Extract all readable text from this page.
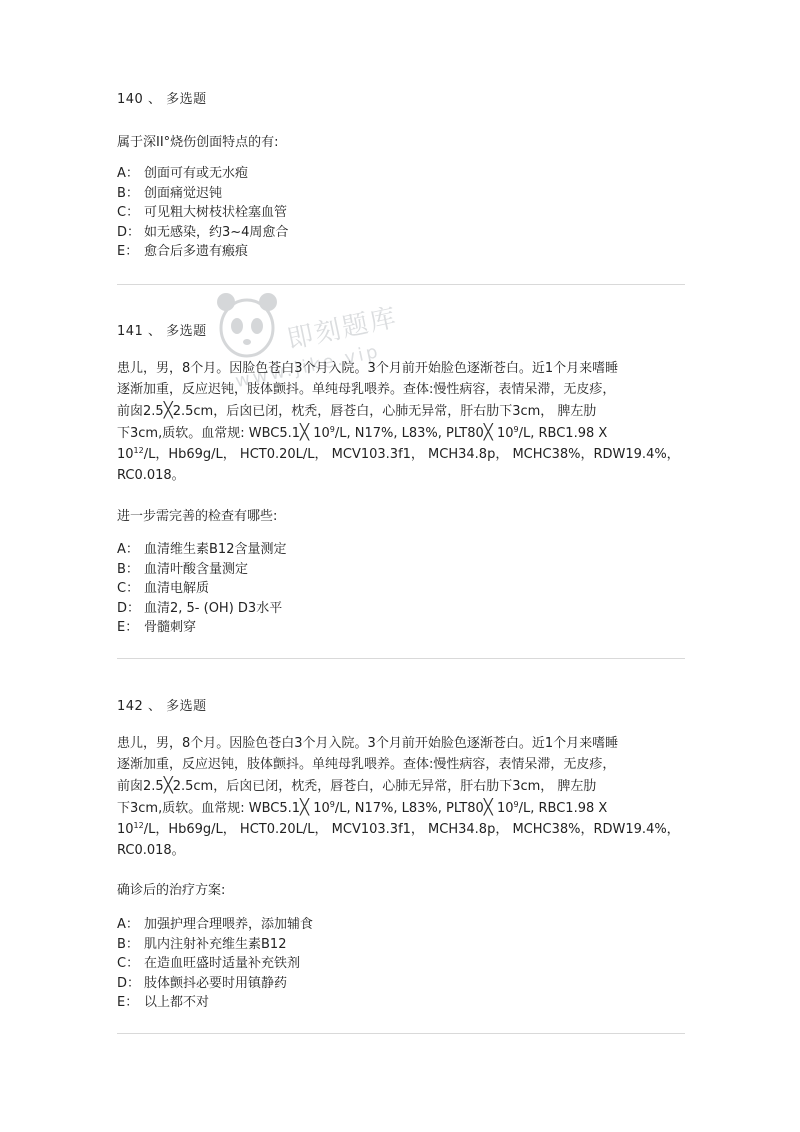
即刻题库
www.jike.vip
140 、 多选题
属于深II°烧伤创面特点的有:
A： 创面可有或无水疱
B： 创面痛觉迟钝
C： 可见粗大树枝状栓塞血管
D： 如无感染，约3~4周愈合
E： 愈合后多遗有瘢痕
141 、 多选题
患儿，男，8个月。因脸色苍白3个月入院。3个月前开始脸色逐渐苍白。近1个月来嗜睡
逐渐加重，反应迟钝，肢体颤抖。单纯母乳喂养。查体:慢性病容，表情呆滞，无皮疹，
前囱2.5╳2.5cm，后囟已闭，枕秃，唇苍白，心肺无异常，肝右肋下3cm， 脾左肋
下3cm,质软。血常规: WBC5.1╳ $10^9/L$, N17%, L83%, PLT80╳ $10^9/L$, RBC1.98 X
$10^{12}/L$，Hb69g/L， HCT0.20L/L， MCV103.3f1， MCH34.8p， MCHC38%，RDW19.4%，
RC0.018。
进一步需完善的检查有哪些:
A： 血清维生素B12含量测定
B： 血清叶酸含量测定
C： 血清电解质
D： 血清2, 5- (OH) D3水平
E： 骨髓刺穿
142 、 多选题
患儿，男，8个月。因脸色苍白3个月入院。3个月前开始脸色逐渐苍白。近1个月来嗜睡
逐渐加重，反应迟钝，肢体颤抖。单纯母乳喂养。查体:慢性病容，表情呆滞，无皮疹，
前囱2.5╳2.5cm，后囟已闭，枕秃，唇苍白，心肺无异常，肝右肋下3cm， 脾左肋
下3cm,质软。血常规: WBC5.1╳ $10^9/L$, N17%, L83%, PLT80╳ $10^9/L$, RBC1.98 X
$10^{12}/L$，Hb69g/L， HCT0.20L/L， MCV103.3f1， MCH34.8p， MCHC38%，RDW19.4%，
RC0.018。
确诊后的治疗方案:
A： 加强护理合理喂养，添加辅食
B： 肌内注射补充维生素B12
C： 在造血旺盛时适量补充铁剂
D： 肢体颤抖必要时用镇静药
E： 以上都不对
